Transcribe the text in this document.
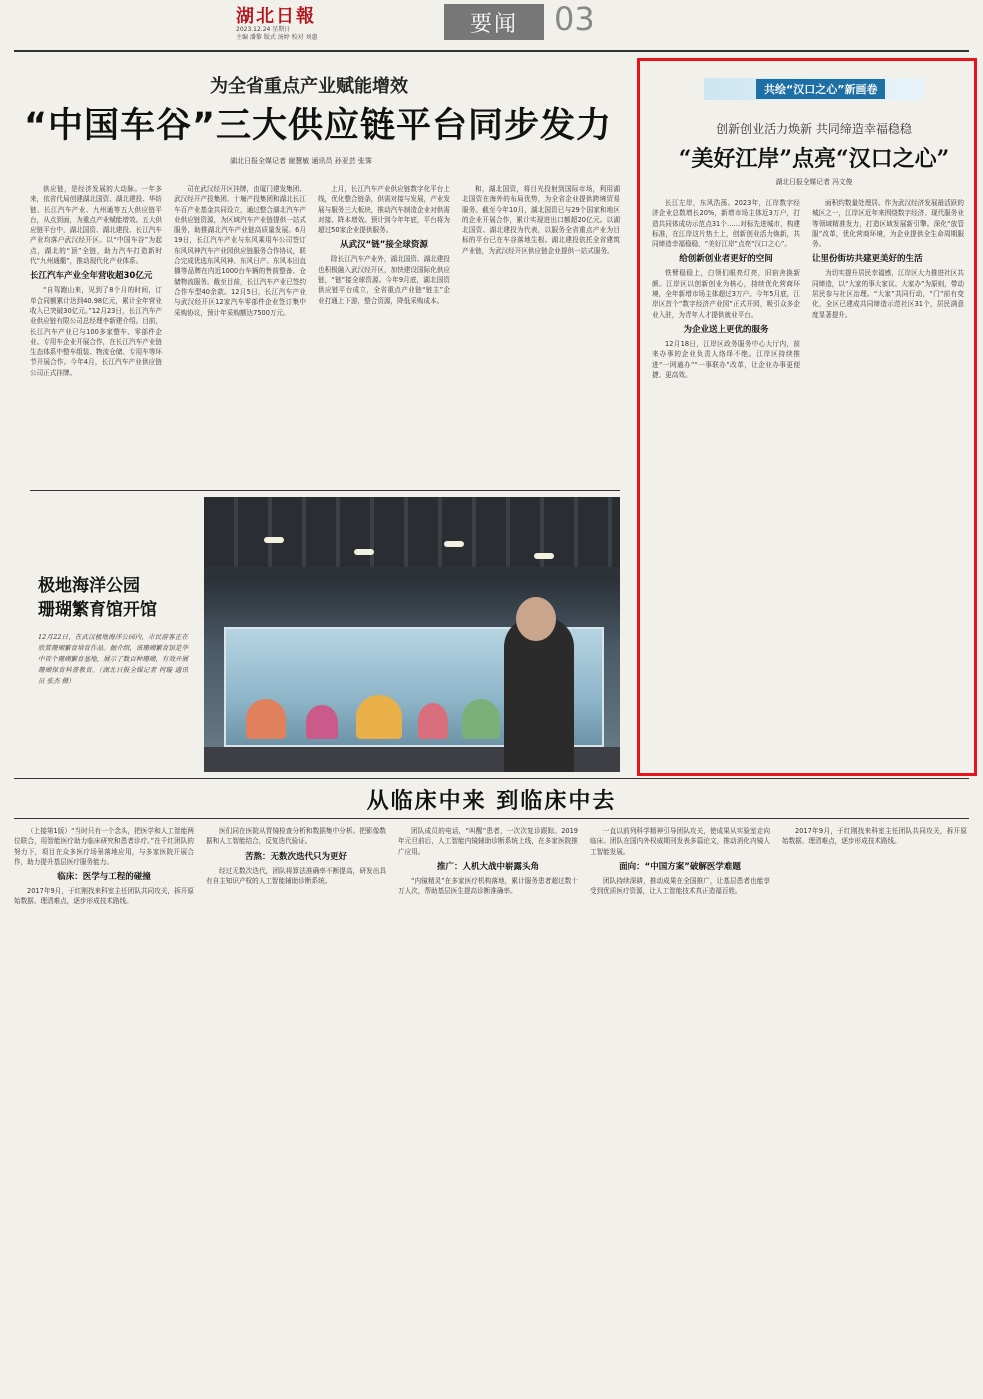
湖北日報
2023.12.24 星期日
主编 潘黎 版式 汤婷 校对 刘惠
要闻	03
为全省重点产业赋能增效
“中国车谷”三大供应链平台同步发力
湖北日报全媒记者 谢慧敏 通讯员 孙亚芸 张霁

供应链，是经济发展的大动脉。一年多来，依省代局创建湖北国资、湖北建投、华纺链、长江汽车产业、九州通等五大供应链平台，从点到面，为重点产业赋能增效。五大供应链平台中，湖北国资、湖北建投、长江汽车产业均落户武汉经开区。以“中国车谷”为起点，湖北的“顶”全链，助力汽车打造新时代“九州通衢”，推动现代化产业体系。

长江汽车产业全年营收超30亿元

“自驾跑山来，见到了8个月的时间，订单合同额累计达到40.98亿元，累计全年营业收入已突破30亿元。”12月23日，长江汽车产业供应链有限公司总经理李新建介绍。目前，长江汽车产业已与100多家整车、零部件企业、专用车企业开展合作，在长江汽车产业链生态体系中整车组装、物流仓储、专用车等环节开展合作。今年4月，长江汽车产业供应链公司正式挂牌。

司在武汉经开区挂牌，由厦门建发集团、武汉经开产投集团、十堰产投集团和湖北长江车百产业基金共同设立，通过整合湖北汽车产业供应链资源，为区域汽车产业链提供一站式服务，助推湖北汽车产业链高质量发展。6月19日，长江汽车产业与东风乘用车公司签订东风风神汽车产业园供应链服务合作协议，联合完成优选东风风神、东风日产、东风本田直播等品牌在内近1000台车辆的售前整备、仓储物流服务。截至目前，长江汽车产业已签约合作车型40余款。12月5日，长江汽车产业与武汉经开区12家汽车零部件企业签订集中采购协议，预计年采购额达7500万元。

上月，长江汽车产业供应链数字化平台上线，优化整合链条，供需对接与发展，产业发展与服务三大板块，推动汽车制造企业对供需对接、降本增效。预计到今年年底，平台将为超过50家企业提供服务。

从武汉“链”接全球资源

除长江汽车产业外，湖北国资、湖北建投也积极融入武汉经开区，加快建设国际化供应链，“链”接全球资源。今年9月底，湖北国资供应链平台成立，全省重点产业链“链主”企业打通上下游，整合资源，降低采购成本。

和，湖北国资，将目光投射到国际市场，利用湖北国资在海外的布局优势，为全省企业提供跨境贸易服务。截至今年10月，湖北国资已与29个国家和地区的企业开展合作，累计实现进出口额超20亿元。以湖北国资、湖北建投为代表，以服务全省重点产业为目标的平台已在车谷落地生根。湖北建投依托全省建筑产业链，为武汉经开区供应链企业提供一站式服务。

极地海洋公园
珊瑚繁育馆开馆
12月22日，在武汉极地海洋公园内，市民游客正在欣赏珊瑚繁育培育作品。据介绍，该珊瑚繁育馆是华中首个珊瑚繁育基地，展示了数百种珊瑚，有效开展珊瑚保育科普教育。（湖北日报全媒记者 何璇 通讯员 张杰 摄）
共绘“汉口之心”新画卷
创新创业活力焕新 共同缔造幸福稳稳
“美好江岸”点亮“汉口之心”
湖北日报全媒记者 冯文俊

长江左岸，东风浩荡。2023年，江岸数字经济企业总数增长20%，新增市场主体近3万户，打造共同体成功示范点31个……对标先进城市，构建标准，在江岸这片热土上，创新创业活力焕新，共同缔造幸福稳稳，“美好江岸”点亮“汉口之心”。

给创新创业者更好的空间

铁臂稳稳上，白领们眼亮灯亮，旧宿舍换新颜。江岸区以创新创业为核心，持续优化营商环境，全年新增市场主体超过3万户。今年5月底，江岸区首个“数字经济产业园”正式开园，吸引众多企业入驻，为青年人才提供就业平台。

为企业送上更优的服务

12月18日，江岸区政务服务中心大厅内，前来办事的企业负责人络绎不绝。江岸区持续推进“一网通办”“一事联办”改革，让企业办事更便捷、更高效。

面积约数量处理居。作为武汉经济发展最活跃的城区之一，江岸区近年来围绕数字经济、现代服务业等领域精准发力，打造区域发展新引擎。深化“放管服”改革，优化营商环境，为企业提供全生命周期服务。

让里份街坊共建更美好的生活

为切实提升居民幸福感，江岸区大力推进社区共同缔造，以“大家的事大家议、大家办”为原则，带动居民参与社区治理。“大家”共同行动，“门”前有变化，全区已建成共同缔造示范社区31个，居民满意度显著提升。

从临床中来 到临床中去

（上接第1版）“当时只有一个念头，把医学和人工智能两位联合，用智能医疗助力临床研究和患者诊疗。”在千红团队的努力下，项目在众多医疗场景落地应用，与多家医院开展合作，助力提升基层医疗服务能力。

临床：医学与工程的碰撞

2017年9月，于红刚找来科室主任团队共同攻关，拆开原始数据、理清难点，逐步形成技术路线。

医们同在医院从胃镜检查分析和数据集中分析。把影像数据和人工智能结合，反复迭代验证。

苦熬：无数次迭代只为更好

经过无数次迭代，团队将算法准确率不断提高，研发出具有自主知识产权的人工智能辅助诊断系统。

团队成员的电话，“叫醒”患者，一次次复诊跟踪。2019年元旦前后，人工智能内镜辅助诊断系统上线，在多家医院推广应用。

推广：人机大战中崭露头角

“内镜精灵”在多家医疗机构落地，累计服务患者超过数十万人次，帮助基层医生提高诊断准确率。

一直以前列科学精神引导团队攻关，使成果从实验室走向临床。团队在国内外权威期刊发表多篇论文，推动消化内镜人工智能发展。

面向：“中国方案”破解医学难题

团队持续深耕，推动成果在全国推广，让基层患者也能享受到优质医疗资源，让人工智能技术真正造福百姓。

2017年9月，于红刚找来科室主任团队共同攻关，拆开原始数据、理清难点，逐步形成技术路线。
